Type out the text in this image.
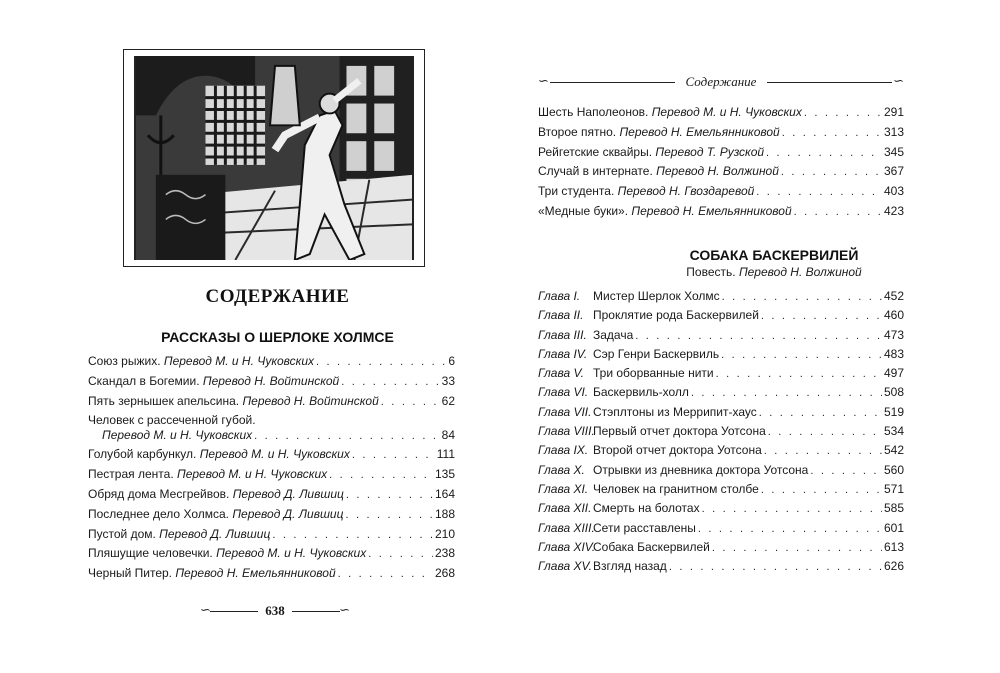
СОДЕРЖАНИЕ
РАССКАЗЫ О ШЕРЛОКЕ ХОЛМСЕ
Союз рыжих. Перевод М. и Н. Чуковских . . .	6
Скандал в Богемии. Перевод Н. Войтинской . . .	33
Пять зернышек апельсина. Перевод Н. Войтинской . . .	62
Человек с рассеченной губой.
Перевод М. и Н. Чуковских . . .	84
Голубой карбункул. Перевод М. и Н. Чуковских . . .	111
Пестрая лента. Перевод М. и Н. Чуковских . . .	135
Обряд дома Месгрейвов. Перевод Д. Лившиц . . .	164
Последнее дело Холмса. Перевод Д. Лившиц . . .	188
Пустой дом. Перевод Д. Лившиц . . .	210
Пляшущие человечки. Перевод М. и Н. Чуковских . . .	238
Черный Питер. Перевод Н. Емельянниковой . . .	268
∽	638	∽
∽	Содержание	∽
Шесть Наполеонов. Перевод М. и Н. Чуковских . . .	291
Второе пятно. Перевод Н. Емельянниковой . . .	313
Рейгетские сквайры. Перевод Т. Рузской . . .	345
Случай в интернате. Перевод Н. Волжиной . . .	367
Три студента. Перевод Н. Гвоздаревой . . .	403
«Медные буки». Перевод Н. Емельянниковой . . .	423
СОБАКА БАСКЕРВИЛЕЙ
Повесть. Перевод Н. Волжиной
Глава I. Мистер Шерлок Холмс . . .	452
Глава II. Проклятие рода Баскервилей . . .	460
Глава III. Задача . . .	473
Глава IV. Сэр Генри Баскервиль . . .	483
Глава V. Три оборванные нити . . .	497
Глава VI. Баскервиль-холл . . .	508
Глава VII. Стэплтоны из Меррипит-хаус . . .	519
Глава VIII.Первый отчет доктора Уотсона . . .	534
Глава IX. Второй отчет доктора Уотсона . . .	542
Глава X. Отрывки из дневника доктора Уотсона . . .	560
Глава XI. Человек на гранитном столбе . . .	571
Глава XII. Смерть на болотах . . .	585
Глава XIII.Сети расставлены . . .	601
Глава XIV.Собака Баскервилей . . .	613
Глава XV.Взгляд назад . . .	626
